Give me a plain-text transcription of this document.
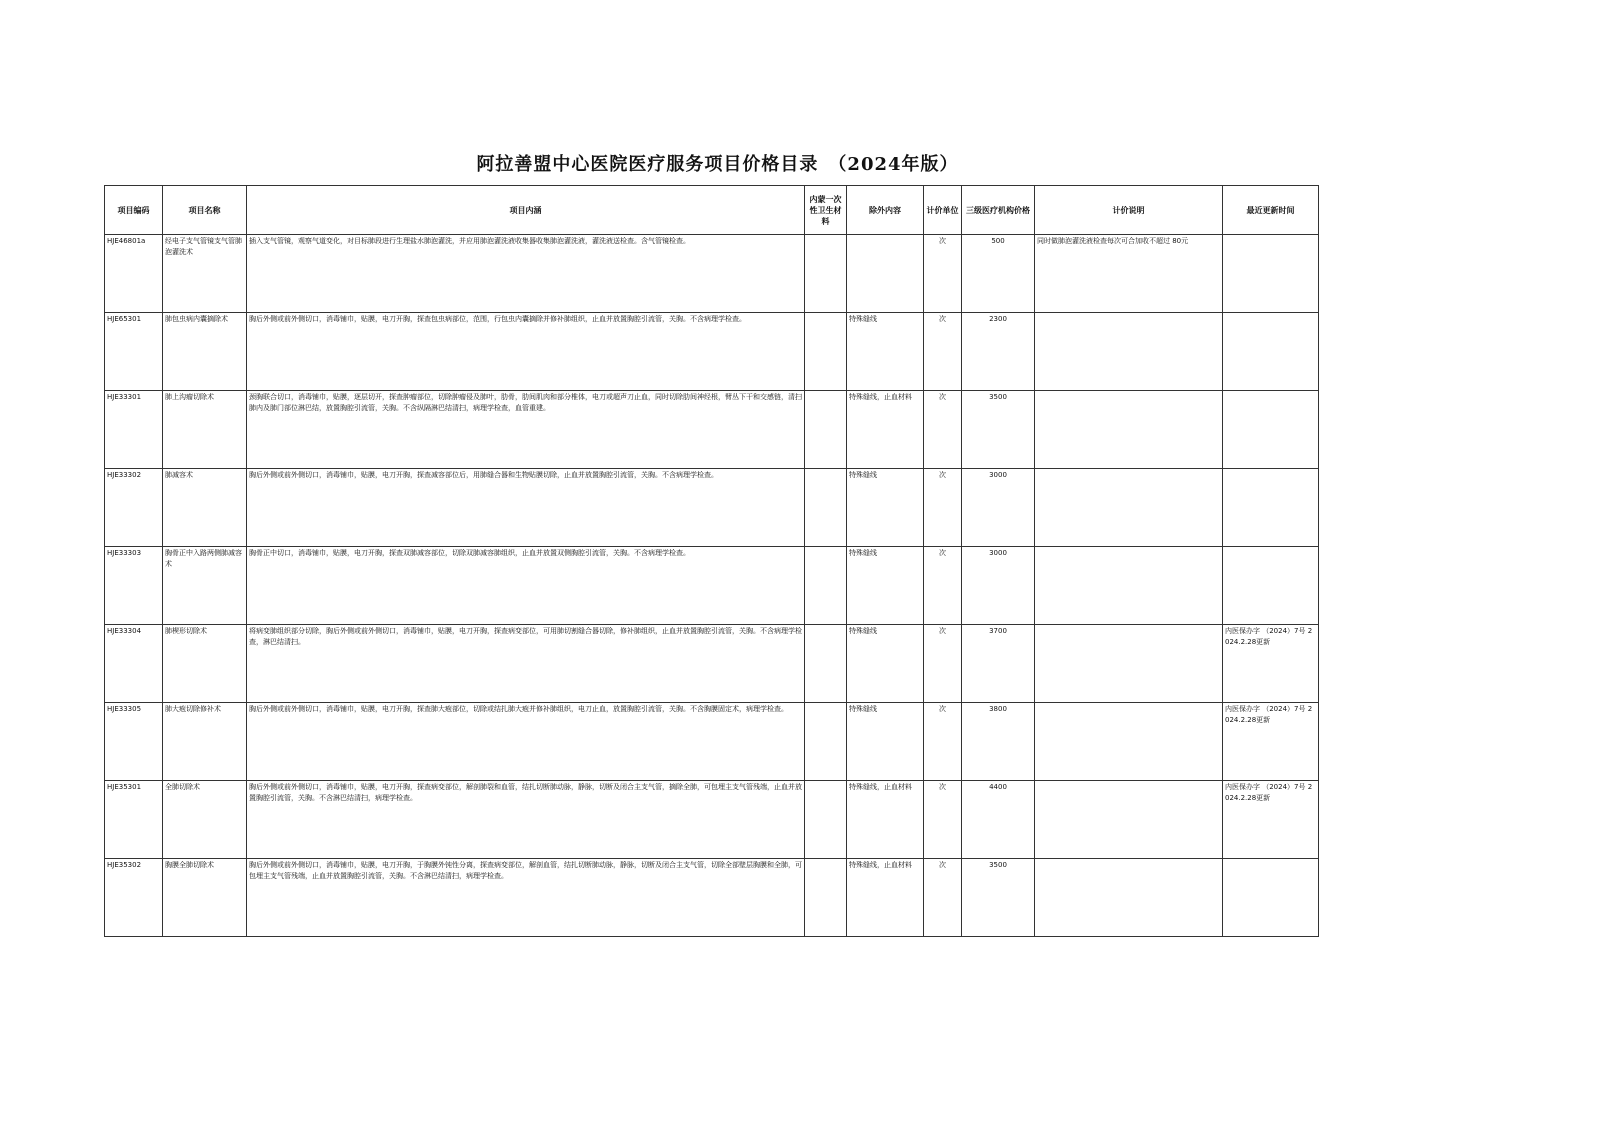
阿拉善盟中心医院医疗服务项目价格目录　（2024年版）
项目编码	项目名称	项目内涵	内蒙一次性卫生材料	除外内容	计价单位	三级医疗机构价格	计价说明	最近更新时间
HJE46801a	经电子支气管镜支气管肺泡灌洗术	插入支气管镜，观察气道变化，对目标肺段进行生理盐水肺泡灌洗，并应用肺泡灌洗液收集器收集肺泡灌洗液，灌洗液送检查。含气管镜检查。			次	500	同时做肺泡灌洗液检查每次可合加收不超过 80元	
HJE65301	肺包虫病内囊摘除术	胸后外侧或前外侧切口，消毒铺巾，贴膜，电刀开胸，探查包虫病部位，范围，行包虫内囊摘除并修补肺组织，止血并放置胸腔引流管，关胸。不含病理学检查。		特殊缝线	次	2300		
HJE33301	肺上沟瘤切除术	颈胸联合切口，消毒铺巾，贴膜，逐层切开，探查肿瘤部位，切除肿瘤侵及肺叶，肋骨，肋间肌肉和部分椎体，电刀或超声刀止血，同时切除肋间神经根，臂丛下干和交感链，清扫肺内及肺门部位淋巴结，放置胸腔引流管，关胸。不含纵隔淋巴结清扫，病理学检查，血管重建。		特殊缝线，止血材料	次	3500		
HJE33302	肺减容术	胸后外侧或前外侧切口，消毒铺巾，贴膜，电刀开胸，探查减容部位后，用肺缝合器和生物贴膜切除，止血并放置胸腔引流管，关胸。不含病理学检查。		特殊缝线	次	3000		
HJE33303	胸骨正中入路两侧肺减容术	胸骨正中切口，消毒铺巾，贴膜，电刀开胸，探查双肺减容部位，切除双肺减容肺组织，止血并放置双侧胸腔引流管，关胸。不含病理学检查。		特殊缝线	次	3000		
HJE33304	肺楔形切除术	将病变肺组织部分切除，胸后外侧或前外侧切口，消毒铺巾，贴膜，电刀开胸，探查病变部位，可用肺切割缝合器切除，修补肺组织，止血并放置胸腔引流管，关胸。不含病理学检查，淋巴结清扫。		特殊缝线	次	3700		内医保办字 （2024）7号 2024.2.28更新
HJE33305	肺大疱切除修补术	胸后外侧或前外侧切口，消毒铺巾，贴膜，电刀开胸，探查肺大疱部位，切除或结扎肺大疱并修补肺组织，电刀止血，放置胸腔引流管，关胸。不含胸膜固定术，病理学检查。		特殊缝线	次	3800		内医保办字 （2024）7号 2024.2.28更新
HJE35301	全肺切除术	胸后外侧或前外侧切口，消毒铺巾，贴膜，电刀开胸，探查病变部位，解剖肺裂和血管，结扎切断肺动脉，静脉，切断及闭合主支气管，摘除全肺，可包埋主支气管残端，止血并放置胸腔引流管，关胸。不含淋巴结清扫，病理学检查。		特殊缝线，止血材料	次	4400		内医保办字 （2024）7号 2024.2.28更新
HJE35302	胸膜全肺切除术	胸后外侧或前外侧切口，消毒铺巾，贴膜，电刀开胸，于胸膜外钝性分离，探查病变部位，解剖血管，结扎切断肺动脉，静脉，切断及闭合主支气管，切除全部壁层胸膜和全肺，可包埋主支气管残端，止血并放置胸腔引流管，关胸。不含淋巴结清扫，病理学检查。		特殊缝线，止血材料	次	3500		
